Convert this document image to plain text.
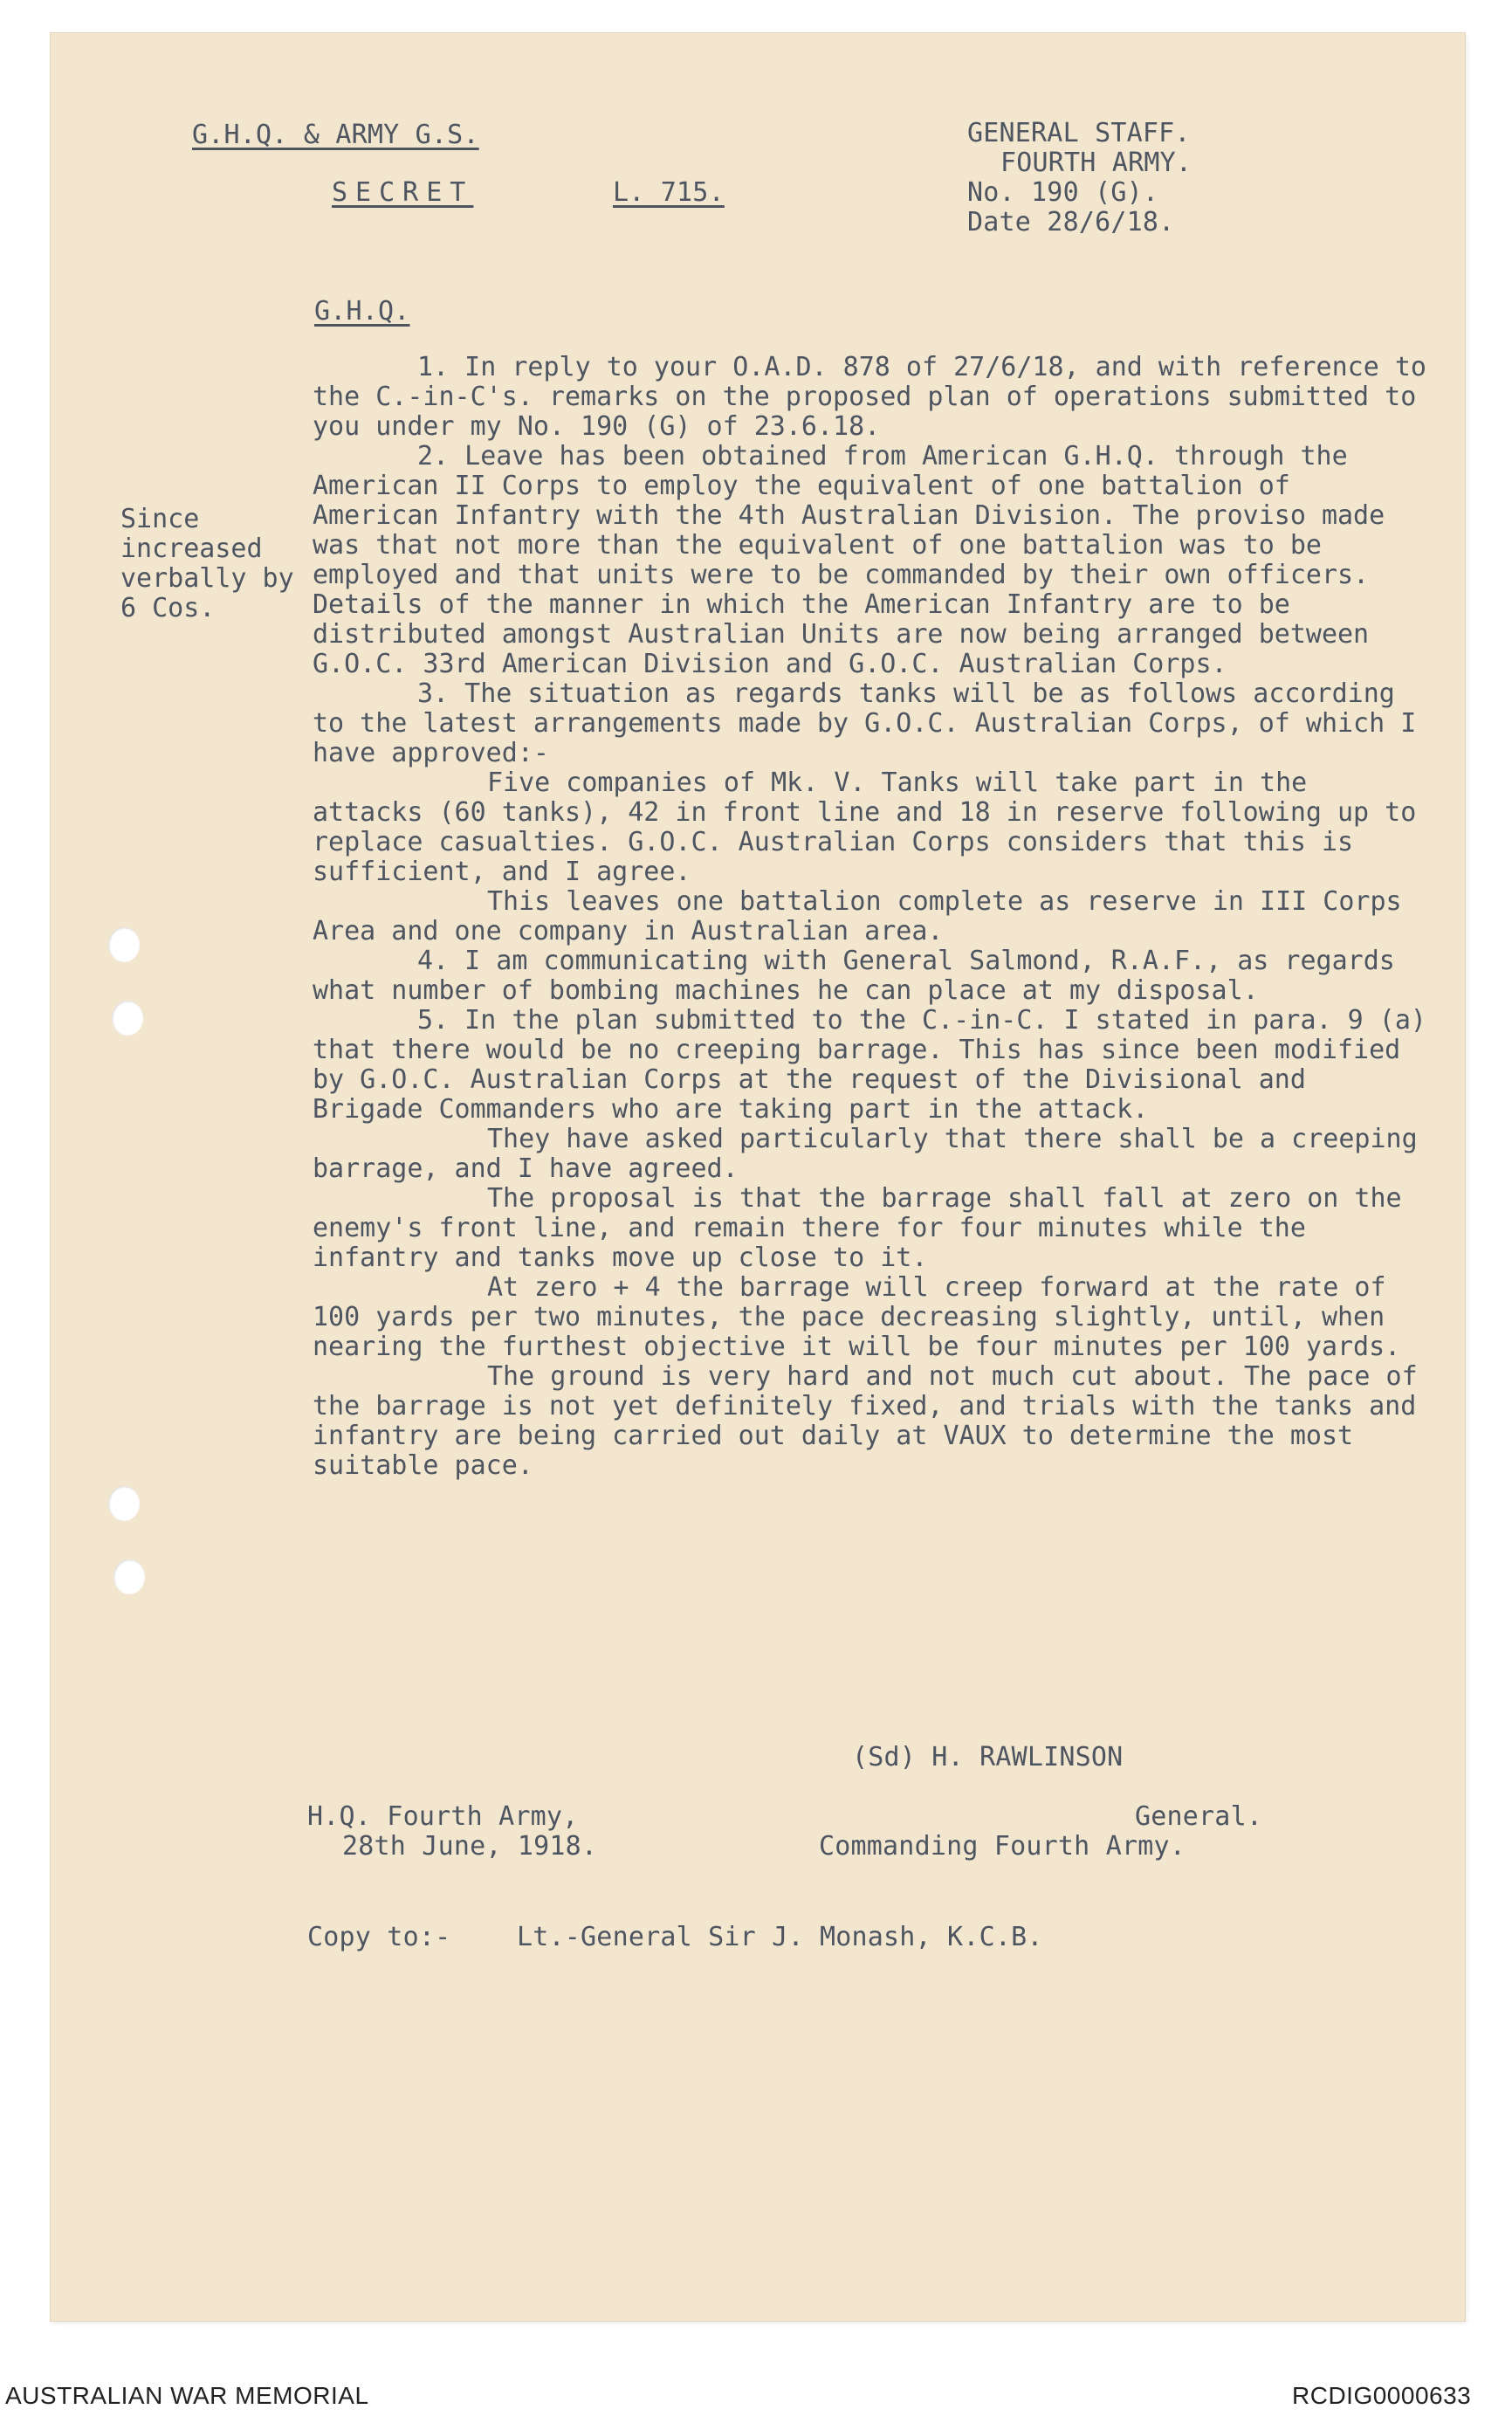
G.H.Q. & ARMY G.S.

SECRET	L. 715.

GENERAL STAFF.

FOURTH ARMY.

No. 190 (G).

Date 28/6/18.

G.H.Q.

Since increased verbally by 6 Cos.

1. In reply to your O.A.D. 878 of 27/6/18, and with reference to the C.-in-C's. remarks on the proposed plan of operations submitted to you under my No. 190 (G) of 23.6.18.

2. Leave has been obtained from American G.H.Q. through the American II Corps to employ the equivalent of one battalion of American Infantry with the 4th Australian Division. The proviso made was that not more than the equivalent of one battalion was to be employed and that units were to be commanded by their own officers. Details of the manner in which the American Infantry are to be distributed amongst Australian Units are now being arranged between G.O.C. 33rd American Division and G.O.C. Australian Corps.

3. The situation as regards tanks will be as follows according to the latest arrangements made by G.O.C. Australian Corps, of which I have approved:-

Five companies of Mk. V. Tanks will take part in the attacks (60 tanks), 42 in front line and 18 in reserve following up to replace casualties. G.O.C. Australian Corps considers that this is sufficient, and I agree.

This leaves one battalion complete as reserve in III Corps Area and one company in Australian area.

4. I am communicating with General Salmond, R.A.F., as regards what number of bombing machines he can place at my disposal.

5. In the plan submitted to the C.-in-C. I stated in para. 9 (a) that there would be no creeping barrage. This has since been modified by G.O.C. Australian Corps at the request of the Divisional and Brigade Commanders who are taking part in the attack.

They have asked particularly that there shall be a creeping barrage, and I have agreed.

The proposal is that the barrage shall fall at zero on the enemy's front line, and remain there for four minutes while the infantry and tanks move up close to it.

At zero + 4 the barrage will creep forward at the rate of 100 yards per two minutes, the pace decreasing slightly, until, when nearing the furthest objective it will be four minutes per 100 yards.

The ground is very hard and not much cut about. The pace of the barrage is not yet definitely fixed, and trials with the tanks and infantry are being carried out daily at VAUX to determine the most suitable pace.

(Sd) H. RAWLINSON

General.

Commanding Fourth Army.

H.Q. Fourth Army,

28th June, 1918.

Copy to:-	Lt.-General Sir J. Monash, K.C.B.

AUSTRALIAN WAR MEMORIAL	RCDIG0000633
